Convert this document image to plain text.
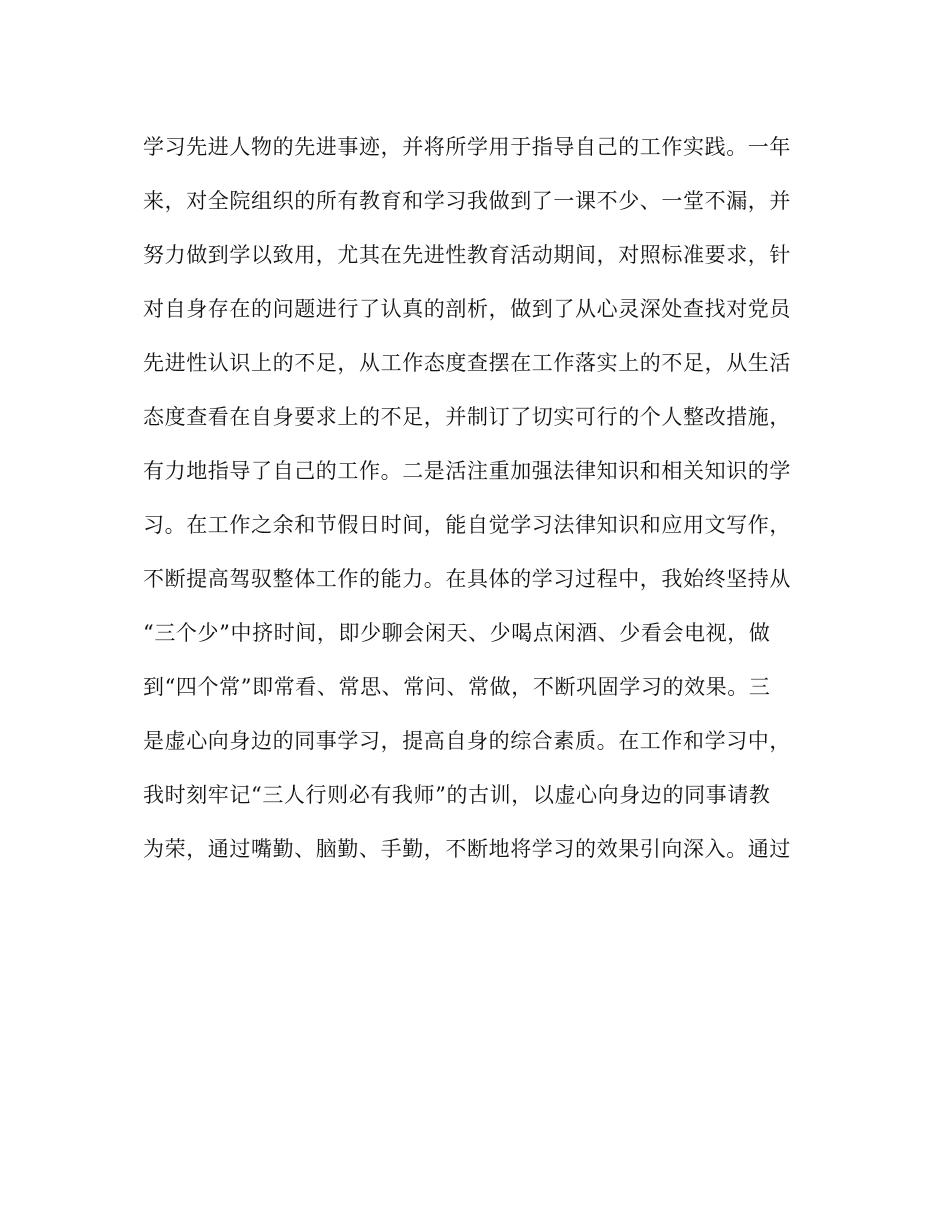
学习先进人物的先进事迹，并将所学用于指导自己的工作实践。一年
来，对全院组织的所有教育和学习我做到了一课不少、一堂不漏，并
努力做到学以致用，尤其在先进性教育活动期间，对照标准要求，针
对自身存在的问题进行了认真的剖析，做到了从心灵深处查找对党员
先进性认识上的不足，从工作态度查摆在工作落实上的不足，从生活
态度查看在自身要求上的不足，并制订了切实可行的个人整改措施，
有力地指导了自己的工作。二是活注重加强法律知识和相关知识的学
习。在工作之余和节假日时间，能自觉学习法律知识和应用文写作，
不断提高驾驭整体工作的能力。在具体的学习过程中，我始终坚持从
“三个少”中挤时间，即少聊会闲天、少喝点闲酒、少看会电视，做
到“四个常”即常看、常思、常问、常做，不断巩固学习的效果。三
是虚心向身边的同事学习，提高自身的综合素质。在工作和学习中，
我时刻牢记“三人行则必有我师”的古训，以虚心向身边的同事请教
为荣，通过嘴勤、脑勤、手勤，不断地将学习的效果引向深入。通过
